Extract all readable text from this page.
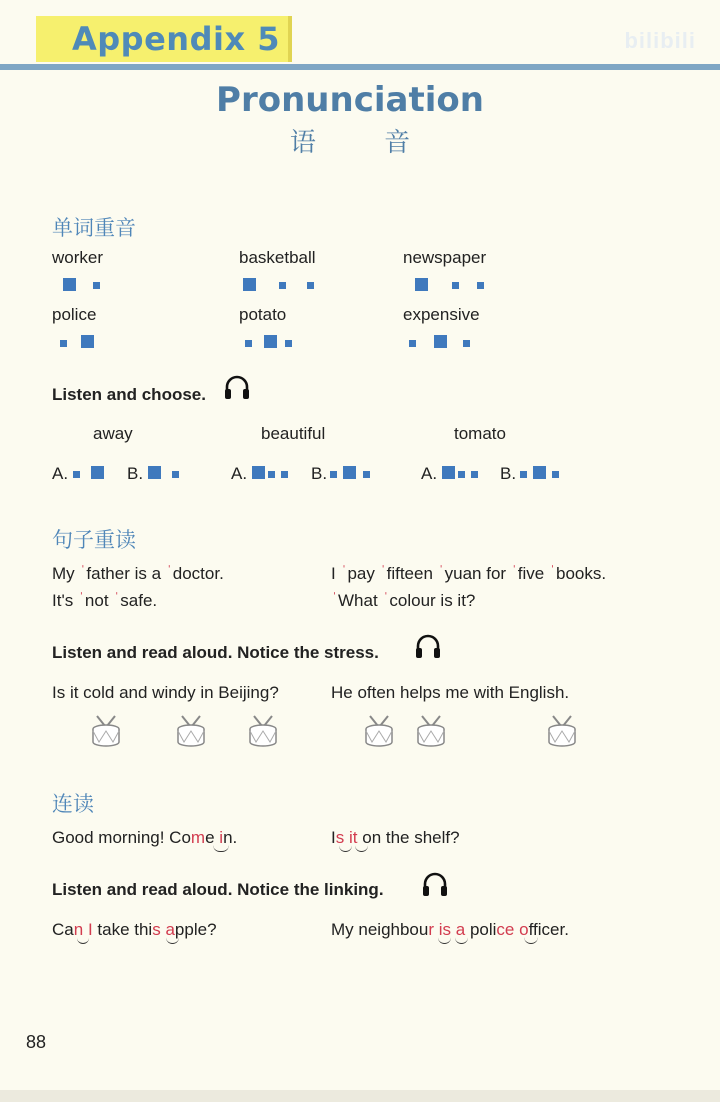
Appendix 5	bilibili
Pronunciation
语 音
单词重音
worker	basketball	newspaper
police	potato	expensive
Listen and choose.
away	beautiful	tomato
A.	B.	A.	B.	A.	B.
句子重读
My ˈfather is a ˈdoctor.	I ˈpay ˈfifteen ˈyuan for ˈfive ˈbooks.
It's ˈnot ˈsafe.	ˈWhat ˈcolour is it?
Listen and read aloud. Notice the stress.
Is it cold and windy in Beijing?	He often helps me with English.
连读
Good morning! Come in.	Is it on the shelf?
Listen and read aloud. Notice the linking.
Can I take this apple?	My neighbour is a police officer.
88
